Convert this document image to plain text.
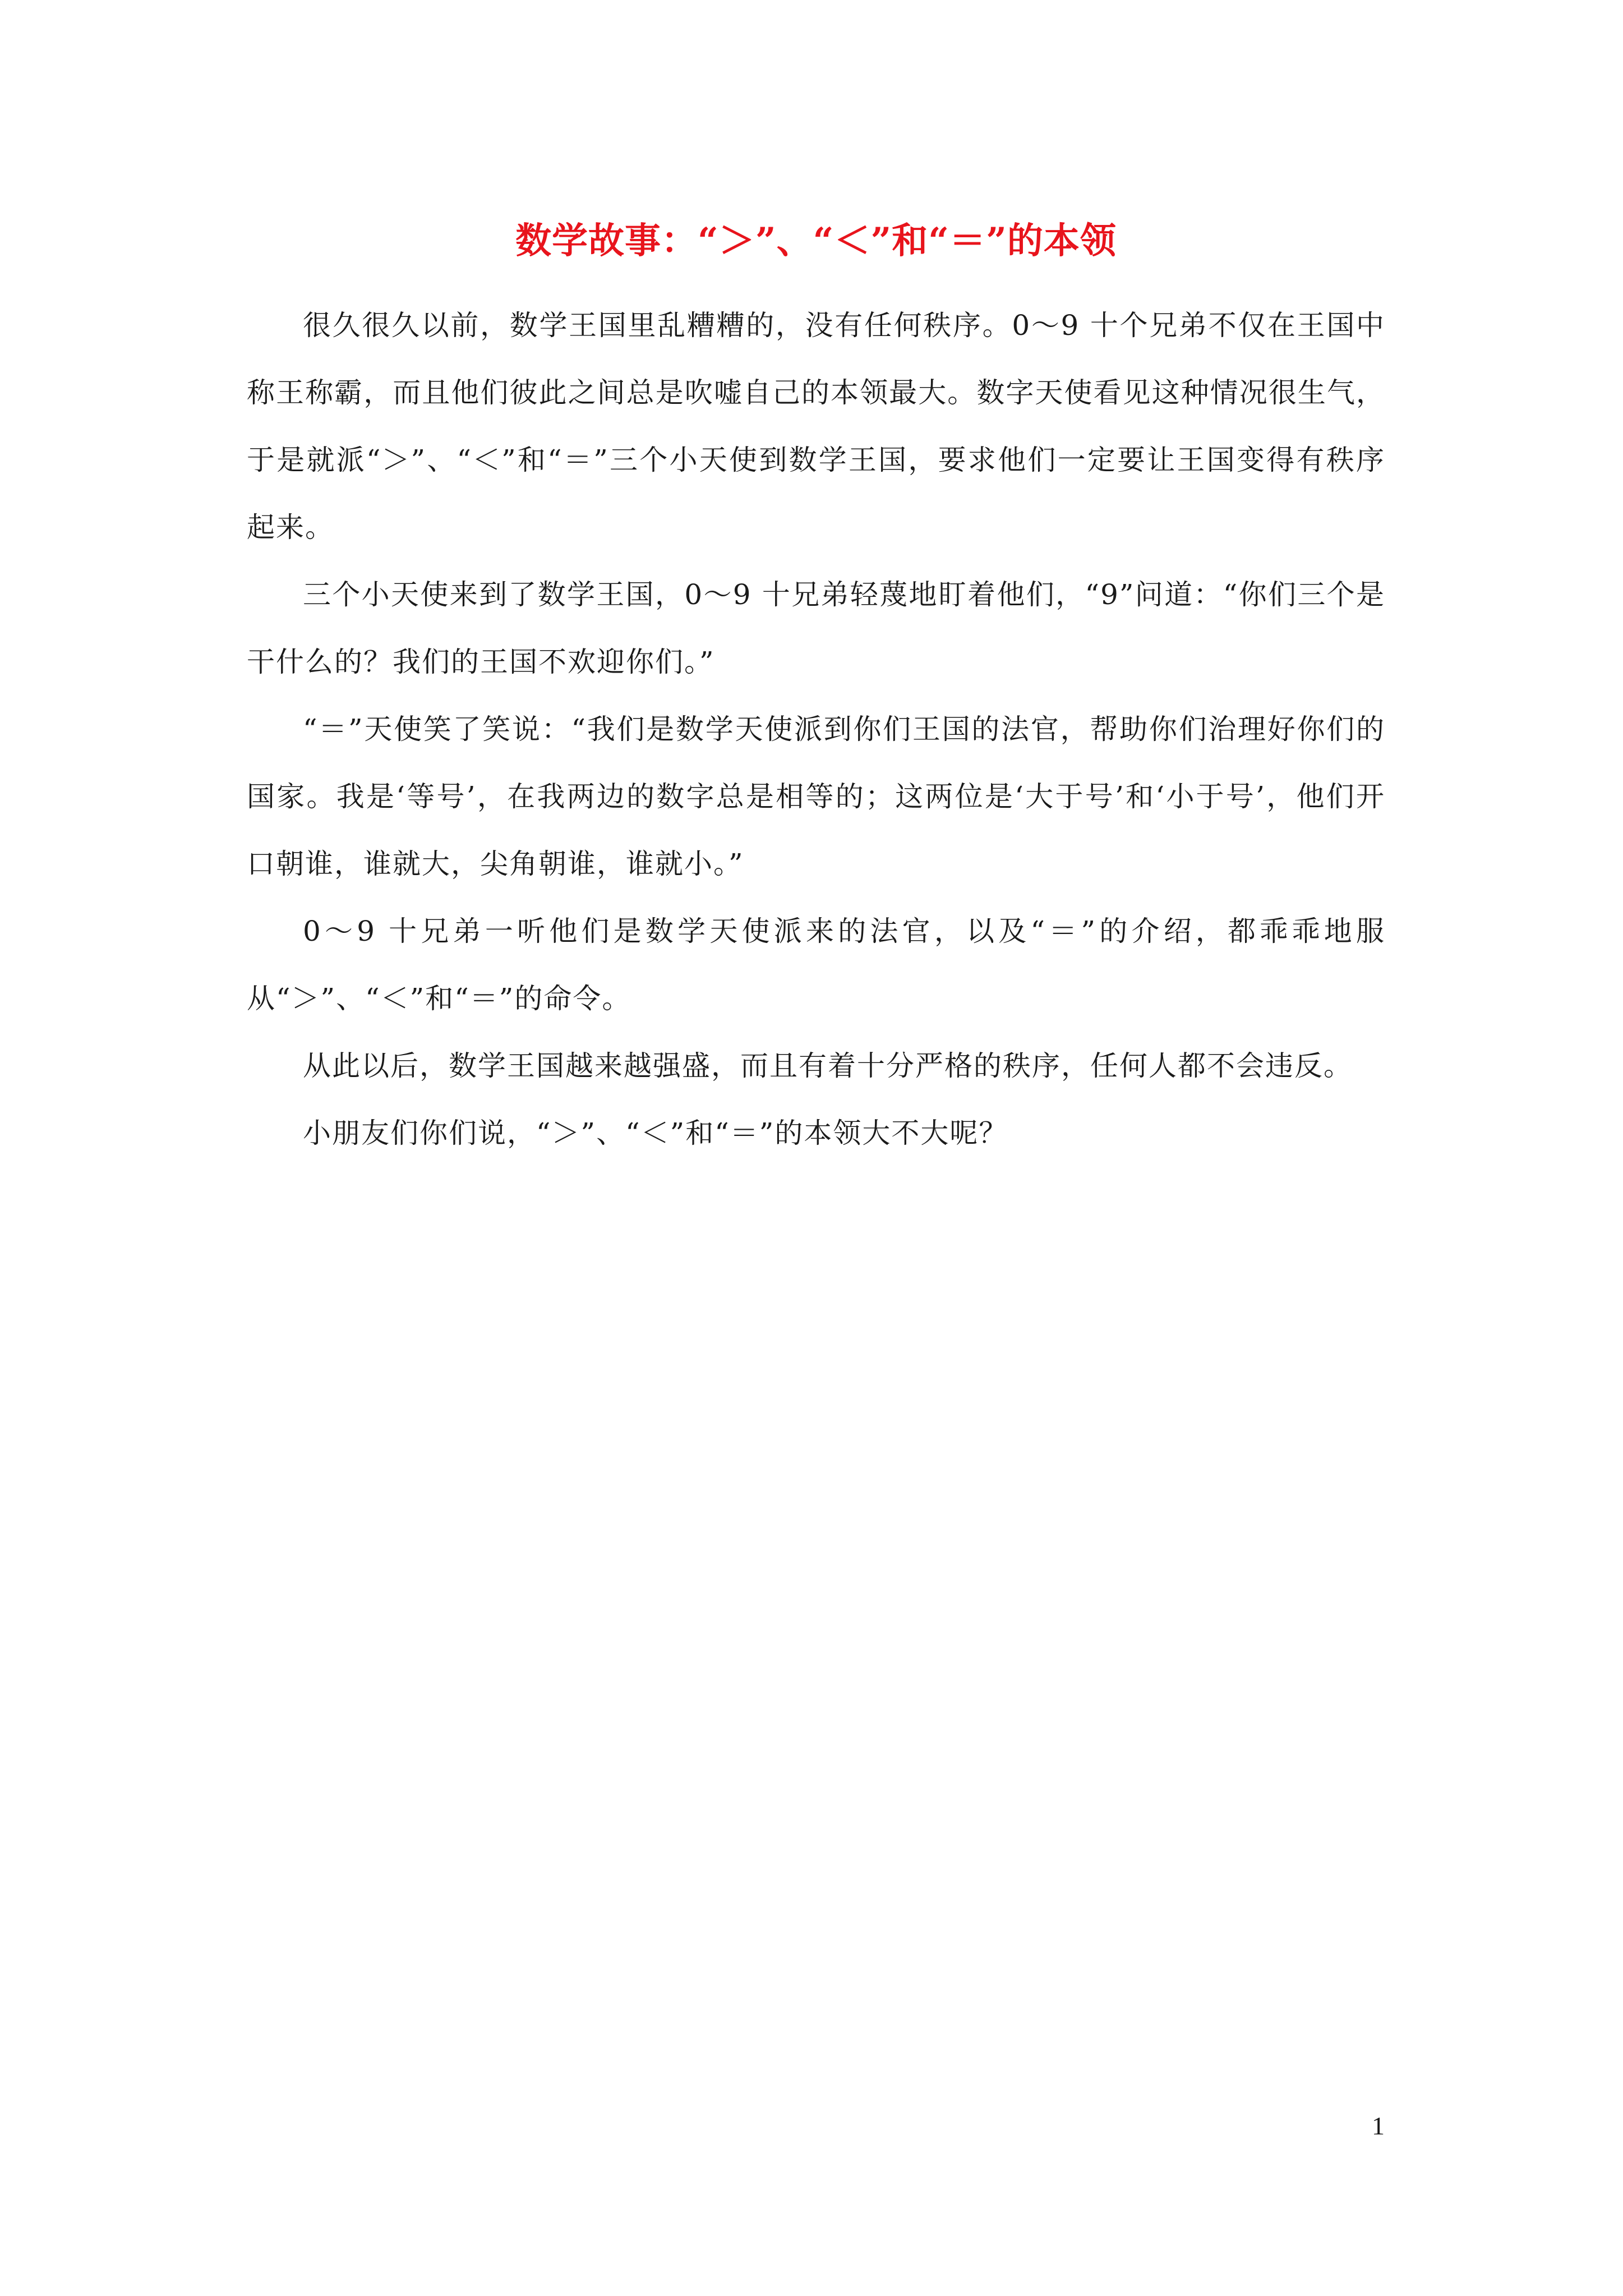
数学故事：“＞”、“＜”和“＝”的本领

很久很久以前，数学王国里乱糟糟的，没有任何秩序。0～9 十个兄弟不仅在王国中称王称霸，而且他们彼此之间总是吹嘘自己的本领最大。数字天使看见这种情况很生气，于是就派“＞”、“＜”和“＝”三个小天使到数学王国，要求他们一定要让王国变得有秩序起来。

三个小天使来到了数学王国，0～9 十兄弟轻蔑地盯着他们，“9”问道：“你们三个是干什么的？我们的王国不欢迎你们。”

“＝”天使笑了笑说：“我们是数学天使派到你们王国的法官，帮助你们治理好你们的国家。我是‘等号’，在我两边的数字总是相等的；这两位是‘大于号’和‘小于号’，他们开口朝谁，谁就大，尖角朝谁，谁就小。”

0～9 十兄弟一听他们是数学天使派来的法官，以及“＝”的介绍，都乖乖地服从“＞”、“＜”和“＝”的命令。

从此以后，数学王国越来越强盛，而且有着十分严格的秩序，任何人都不会违反。

小朋友们你们说，“＞”、“＜”和“＝”的本领大不大呢？

1
